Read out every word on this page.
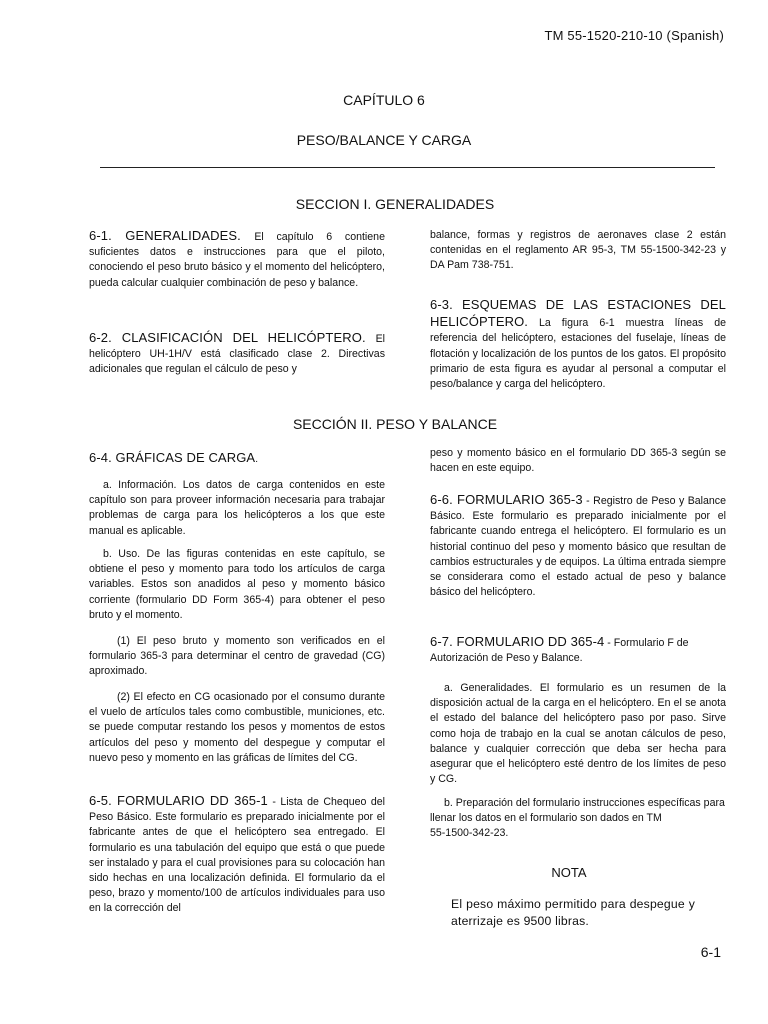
TM 55-1520-210-10 (Spanish)
CAPÍTULO 6
PESO/BALANCE Y CARGA
SECCION I. GENERALIDADES

6-1. GENERALIDADES. El capítulo 6 contiene suficientes datos e instrucciones para que el piloto, conociendo el peso bruto básico y el momento del helicóptero, pueda calcular cualquier combinación de peso y balance.

6-2. CLASIFICACIÓN DEL HELICÓPTERO. El helicóptero UH-1H/V está clasificado clase 2. Directivas adicionales que regulan el cálculo de peso y

balance, formas y registros de aeronaves clase 2 están contenidas en el reglamento AR 95-3, TM 55-1500-342-23 y DA Pam 738-751.

6-3. ESQUEMAS DE LAS ESTACIONES DEL HELICÓPTERO. La figura 6-1 muestra líneas de referencia del helicóptero, estaciones del fuselaje, líneas de flotación y localización de los puntos de los gatos. El propósito primario de esta figura es ayudar al personal a computar el peso/balance y carga del helicóptero.

SECCIÓN II. PESO Y BALANCE

6-4. GRÁFICAS DE CARGA.

a. Información. Los datos de carga contenidos en este capítulo son para proveer información necesaria para trabajar problemas de carga para los helicópteros a los que este manual es aplicable.

b. Uso. De las figuras contenidas en este capítulo, se obtiene el peso y momento para todo los artículos de carga variables. Estos son anadidos al peso y momento básico corriente (formulario DD Form 365-4) para obtener el peso bruto y el momento.

(1) El peso bruto y momento son verificados en el formulario 365-3 para determinar el centro de gravedad (CG) aproximado.

(2) El efecto en CG ocasionado por el consumo durante el vuelo de artículos tales como combustible, municiones, etc. se puede computar restando los pesos y momentos de estos artículos del peso y momento del despegue y computar el nuevo peso y momento en las gráficas de límites del CG.

6-5. FORMULARIO DD 365-1 - Lista de Chequeo del Peso Básico. Este formulario es preparado inicialmente por el fabricante antes de que el helicóptero sea entregado. El formulario es una tabulación del equipo que está o que puede ser instalado y para el cual provisiones para su colocación han sido hechas en una localización definida. El formulario da el peso, brazo y momento/100 de artículos individuales para uso en la corrección del

peso y momento básico en el formulario DD 365-3 según se hacen en este equipo.

6-6. FORMULARIO 365-3 - Registro de Peso y Balance Básico. Este formulario es preparado inicialmente por el fabricante cuando entrega el helicóptero. El formulario es un historial continuo del peso y momento básico que resultan de cambios estructurales y de equipos. La última entrada siempre se considerara como el estado actual de peso y balance básico del helicóptero.

6-7. FORMULARIO DD 365-4 - Formulario F de Autorización de Peso y Balance.

a. Generalidades. El formulario es un resumen de la disposición actual de la carga en el helicóptero. En el se anota el estado del balance del helicóptero paso por paso. Sirve como hoja de trabajo en la cual se anotan cálculos de peso, balance y cualquier corrección que deba ser hecha para asegurar que el helicóptero esté dentro de los límites de peso y CG.

b. Preparación del formulario instrucciones específicas para llenar los datos en el formulario son dados en TM
55-1500-342-23.

NOTA
El peso máximo permitido para despegue y aterrizaje es 9500 libras.
6-1
